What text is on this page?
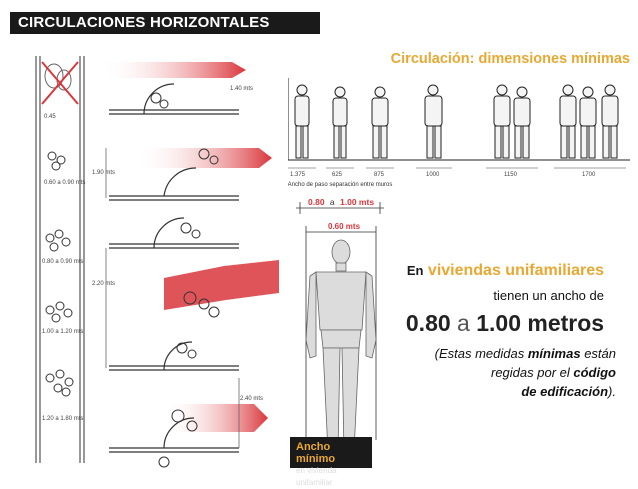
CIRCULACIONES HORIZONTALES
Circulación: dimensiones mínimas
0.45
0.60 a 0.90 mts
0.80 a 0.90 mts
1.00 a 1.20 mts
1.20 a 1.80 mts
1.40 mts
1.90 mts
2.20 mts
2.40 mts
1.375	625	875	1000	1150	1700
Ancho de paso separación entre muros
0.80 a 1.00 mts
0.60 mts
En viviendas unifamiliares
tienen un ancho de
0.80 a 1.00 metros
(Estas medidas mínimas están
regidas por el código
de edificación).
Ancho mínimo
en vivienda unifamiliar
